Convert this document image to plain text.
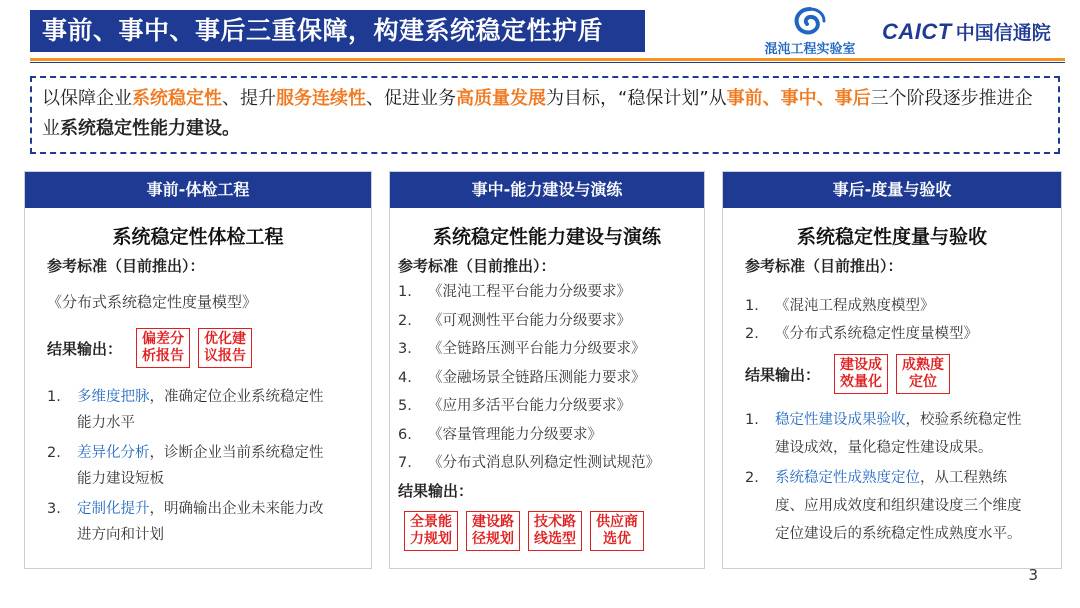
事前、事中、事后三重保障，构建系统稳定性护盾
混沌工程实验室
CAICT 中国信通院
以保障企业系统稳定性、提升服务连续性、促进业务高质量发展为目标，“稳保计划”从事前、事中、事后三个阶段逐步推进企业系统稳定性能力建设。
事前-体检工程
系统稳定性体检工程
参考标准（目前推出）：
《分布式系统稳定性度量模型》
结果输出：
偏差分
析报告
优化建
议报告
1. 多维度把脉，准确定位企业系统稳定性
能力水平
2. 差异化分析，诊断企业当前系统稳定性
能力建设短板
3. 定制化提升，明确输出企业未来能力改
进方向和计划
事中-能力建设与演练
系统稳定性能力建设与演练
参考标准（目前推出）：
1. 《混沌工程平台能力分级要求》
2. 《可观测性平台能力分级要求》
3. 《全链路压测平台能力分级要求》
4. 《金融场景全链路压测能力要求》
5. 《应用多活平台能力分级要求》
6. 《容量管理能力分级要求》
7. 《分布式消息队列稳定性测试规范》
结果输出：
全景能
力规划
建设路
径规划
技术路
线选型
供应商
选优
事后-度量与验收
系统稳定性度量与验收
参考标准（目前推出）：
1. 《混沌工程成熟度模型》
2. 《分布式系统稳定性度量模型》
结果输出：
建设成
效量化
成熟度
定位
1. 稳定性建设成果验收，校验系统稳定性
建设成效，量化稳定性建设成果。
2. 系统稳定性成熟度定位，从工程熟练
度、应用成效度和组织建设度三个维度
定位建设后的系统稳定性成熟度水平。
3
